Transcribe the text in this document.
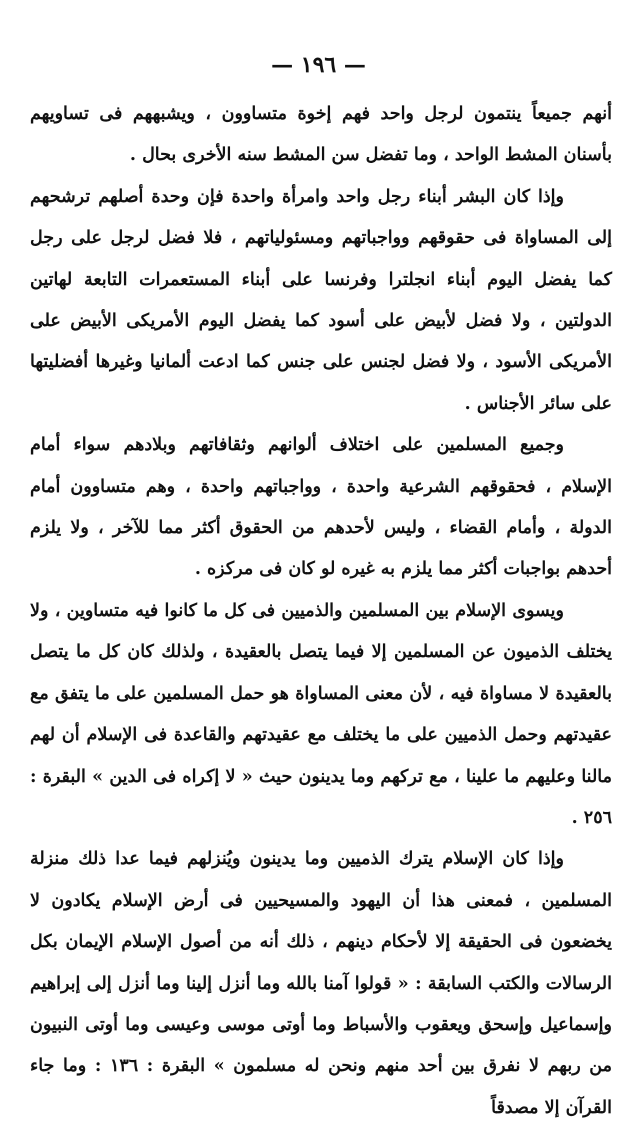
— ١٩٦ —

أنهم جميعاً ينتمون لرجل واحد فهم إخوة متساوون ، ويشبههم فى تساويهم بأسنان المشط الواحد ، وما تفضل سن المشط سنه الأخرى بحال .

وإذا كان البشر أبناء رجل واحد وامرأة واحدة فإن وحدة أصلهم ترشحهم إلى المساواة فى حقوقهم وواجباتهم ومسئولياتهم ، فلا فضل لرجل على رجل كما يفضل اليوم أبناء انجلترا وفرنسا على أبناء المستعمرات التابعة لهاتين الدولتين ، ولا فضل لأبيض على أسود كما يفضل اليوم الأمريكى الأبيض على الأمريكى الأسود ، ولا فضل لجنس على جنس كما ادعت ألمانيا وغيرها أفضليتها على سائر الأجناس .

وجميع المسلمين على اختلاف ألوانهم وثقافاتهم وبلادهم سواء أمام الإسلام ، فحقوقهم الشرعية واحدة ، وواجباتهم واحدة ، وهم متساوون أمام الدولة ، وأمام القضاء ، وليس لأحدهم من الحقوق أكثر مما للآخر ، ولا يلزم أحدهم بواجبات أكثر مما يلزم به غيره لو كان فى مركزه .

ويسوى الإسلام بين المسلمين والذميين فى كل ما كانوا فيه متساوين ، ولا يختلف الذميون عن المسلمين إلا فيما يتصل بالعقيدة ، ولذلك كان كل ما يتصل بالعقيدة لا مساواة فيه ، لأن معنى المساواة هو حمل المسلمين على ما يتفق مع عقيدتهم وحمل الذميين على ما يختلف مع عقيدتهم والقاعدة فى الإسلام أن لهم مالنا وعليهم ما علينا ، مع تركهم وما يدينون حيث « لا إكراه فى الدين » البقرة : ٢٥٦ .

وإذا كان الإسلام يترك الذميين وما يدينون ويُنزلهم فيما عدا ذلك منزلة المسلمين ، فمعنى هذا أن اليهود والمسيحيين فى أرض الإسلام يكادون لا يخضعون فى الحقيقة إلا لأحكام دينهم ، ذلك أنه من أصول الإسلام الإيمان بكل الرسالات والكتب السابقة : « قولوا آمنا بالله وما أنزل إلينا وما أنزل إلى إبراهيم وإسماعيل وإسحق ويعقوب والأسباط وما أوتى موسى وعيسى وما أوتى النبيون من ربهم لا نفرق بين أحد منهم ونحن له مسلمون » البقرة : ١٣٦ : وما جاء القرآن إلا مصدقاً
